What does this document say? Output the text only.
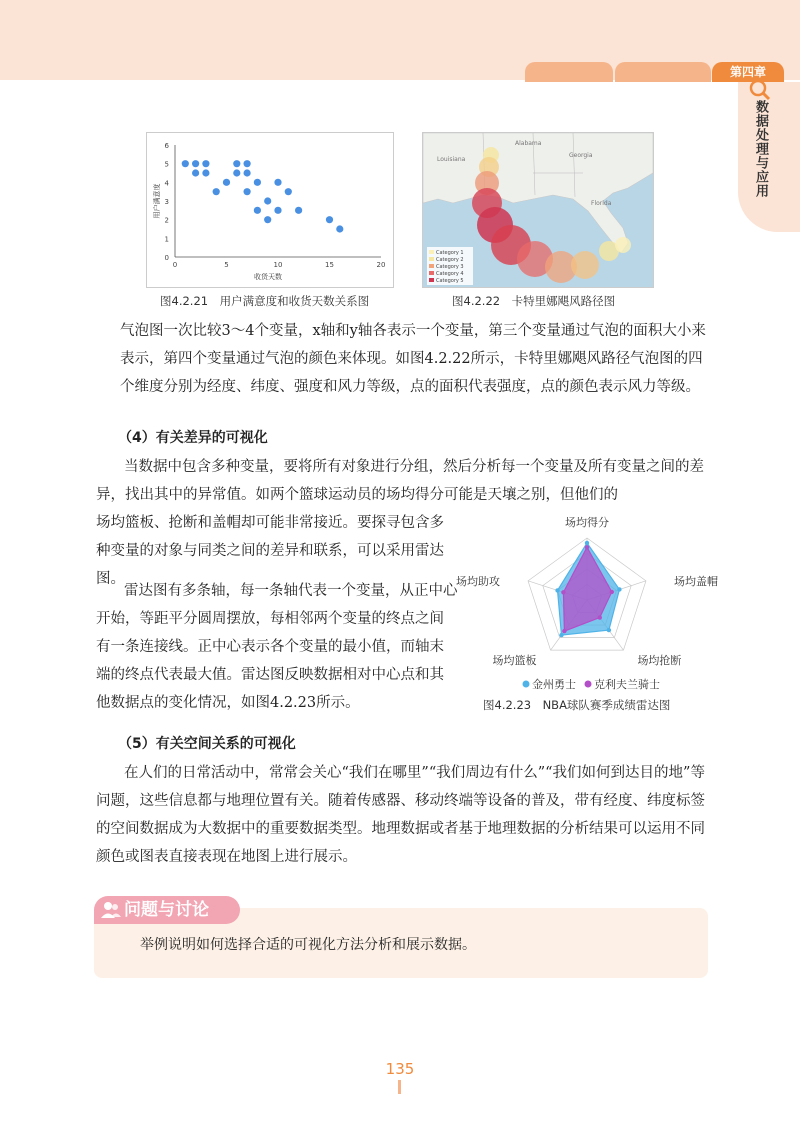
第四章
数据处理与应用
0
1
2
3
4
5
6
0	5	10	15	20
收货天数
用户满意度
图4.2.21　用户满意度和收货天数关系图
Alabama
Georgia
Louisiana
Florida
Category 1
Category 2
Category 3
Category 4
Category 5
图4.2.22　卡特里娜飓风路径图

气泡图一次比较3～4个变量，x轴和y轴各表示一个变量，第三个变量通过气泡的面积大小来表示，第四个变量通过气泡的颜色来体现。如图4.2.22所示，卡特里娜飓风路径气泡图的四个维度分别为经度、纬度、强度和风力等级，点的面积代表强度，点的颜色表示风力等级。

（4）有关差异的可视化

当数据中包含多种变量，要将所有对象进行分组，然后分析每一个变量及所有变量之间的差异，找出其中的异常值。如两个篮球运动员的场均得分可能是天壤之别，但他们的

场均篮板、抢断和盖帽却可能非常接近。要探寻包含多种变量的对象与同类之间的差异和联系，可以采用雷达图。

雷达图有多条轴，每一条轴代表一个变量，从正中心开始，等距平分圆周摆放，每相邻两个变量的终点之间有一条连接线。正中心表示各个变量的最小值，而轴末端的终点代表最大值。雷达图反映数据相对中心点和其他数据点的变化情况，如图4.2.23所示。

场均得分
场均盖帽
场均抢断
场均篮板
场均助攻
金州勇士 克利夫兰骑士
图4.2.23　NBA球队赛季成绩雷达图
（5）有关空间关系的可视化

在人们的日常活动中，常常会关心“我们在哪里”“我们周边有什么”“我们如何到达目的地”等问题，这些信息都与地理位置有关。随着传感器、移动终端等设备的普及，带有经度、纬度标签的空间数据成为大数据中的重要数据类型。地理数据或者基于地理数据的分析结果可以运用不同颜色或图表直接表现在地图上进行展示。

问题与讨论
举例说明如何选择合适的可视化方法分析和展示数据。
135
